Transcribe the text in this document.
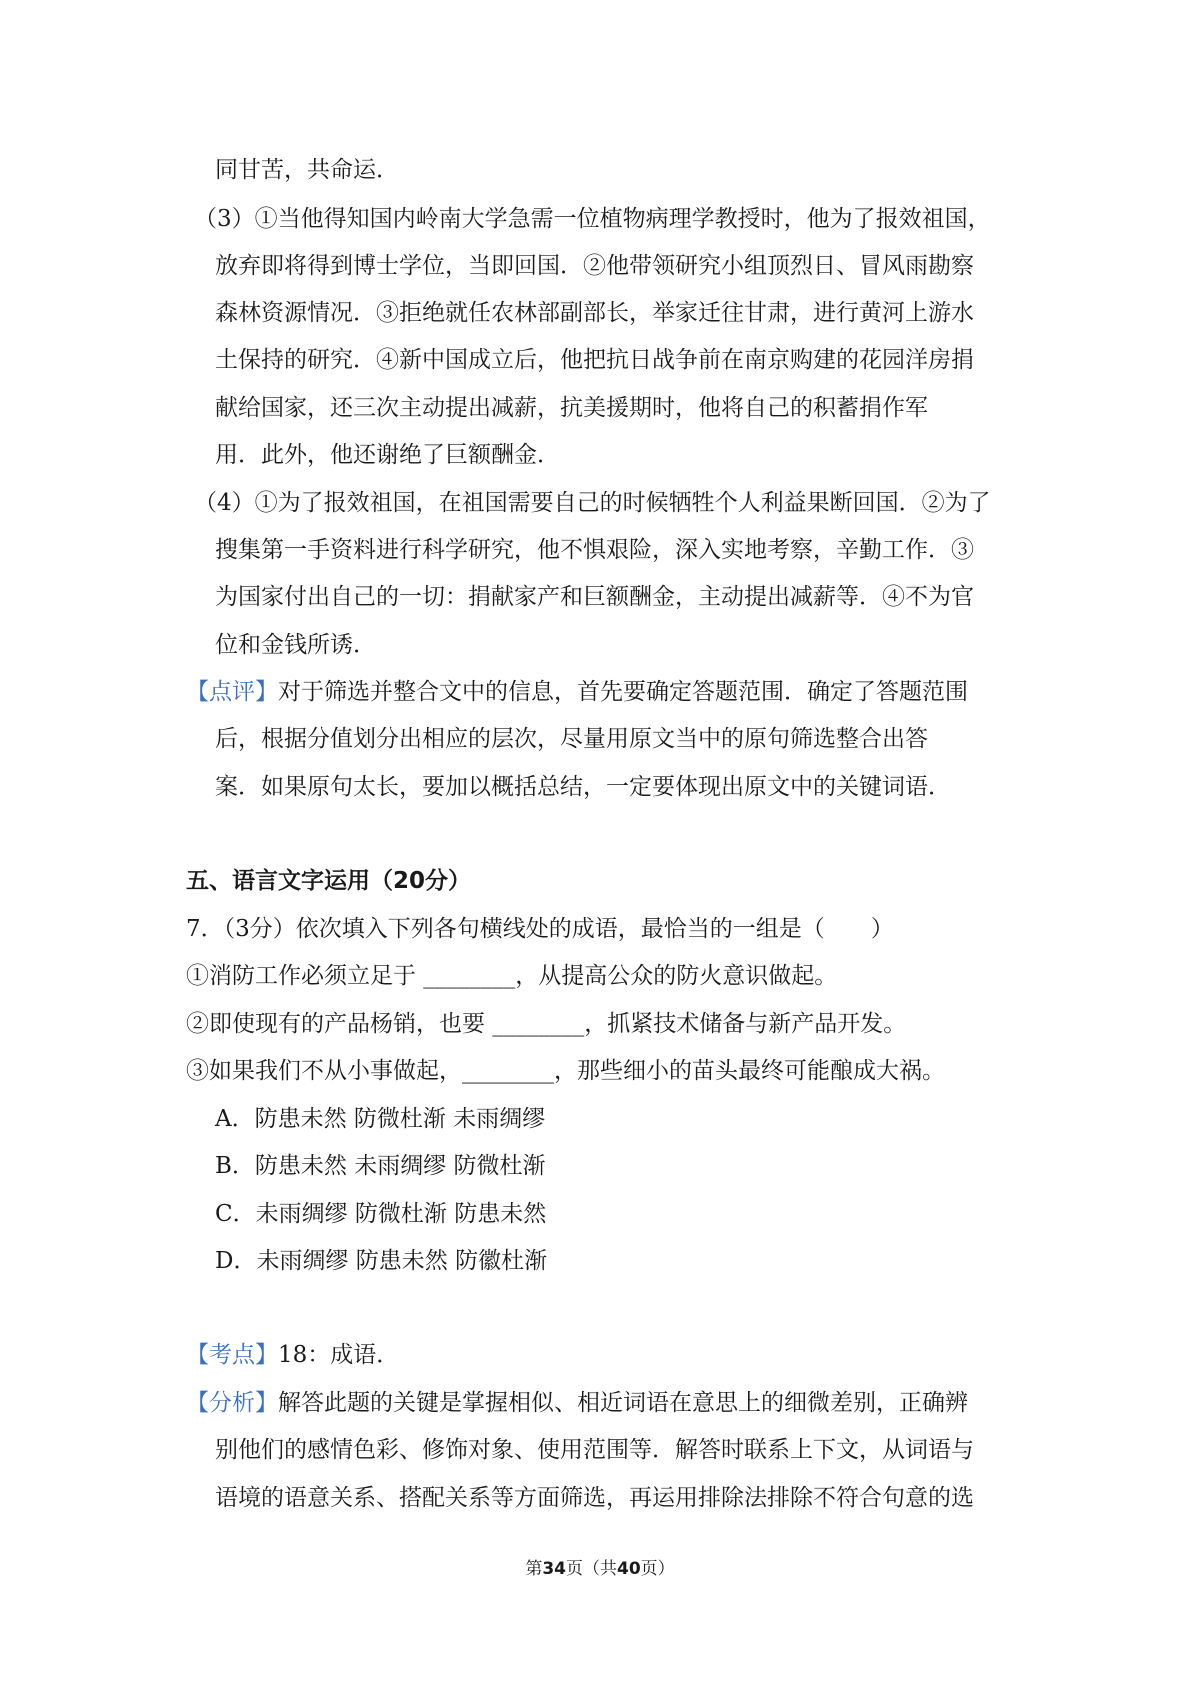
同甘苦，共命运．
（3）①当他得知国内岭南大学急需一位植物病理学教授时，他为了报效祖国，
放弃即将得到博士学位，当即回国．②他带领研究小组顶烈日、冒风雨勘察
森林资源情况．③拒绝就任农林部副部长，举家迁往甘肃，进行黄河上游水
土保持的研究．④新中国成立后，他把抗日战争前在南京购建的花园洋房捐
献给国家，还三次主动提出减薪，抗美援期时，他将自己的积蓄捐作军
用．此外，他还谢绝了巨额酬金．
（4）①为了报效祖国，在祖国需要自己的时候牺牲个人利益果断回国．②为了
搜集第一手资料进行科学研究，他不惧艰险，深入实地考察，辛勤工作．③
为国家付出自己的一切：捐献家产和巨额酬金，主动提出减薪等．④不为官
位和金钱所诱．
【点评】对于筛选并整合文中的信息，首先要确定答题范围．确定了答题范围
后，根据分值划分出相应的层次，尽量用原文当中的原句筛选整合出答
案．如果原句太长，要加以概括总结，一定要体现出原文中的关键词语．
五、语言文字运用（20分）
7．（3分）依次填入下列各句横线处的成语，最恰当的一组是（　　）
①消防工作必须立足于 ________，从提高公众的防火意识做起。
②即使现有的产品杨销，也要 ________，抓紧技术储备与新产品开发。
③如果我们不从小事做起，________，那些细小的苗头最终可能酿成大祸。
A．防患未然 防微杜渐 未雨绸缪
B．防患未然 未雨绸缪 防微杜渐
C．未雨绸缪 防微杜渐 防患未然
D．未雨绸缪 防患未然 防徽杜渐
【考点】18：成语．
【分析】解答此题的关键是掌握相似、相近词语在意思上的细微差别，正确辨
别他们的感情色彩、修饰对象、使用范围等．解答时联系上下文，从词语与
语境的语意关系、搭配关系等方面筛选，再运用排除法排除不符合句意的选
第34页（共40页）
